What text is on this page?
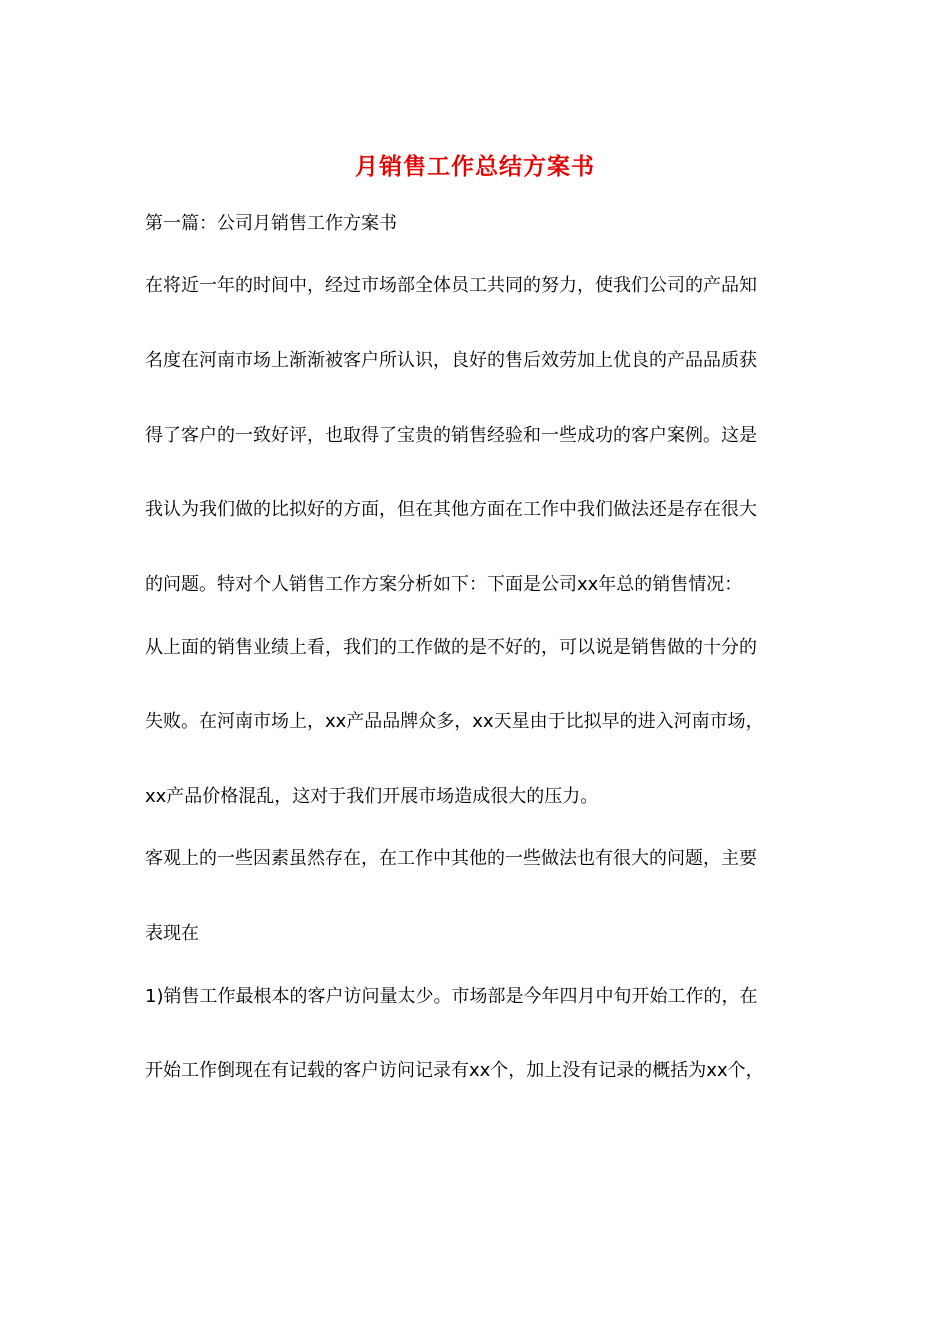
月销售工作总结方案书
第一篇：公司月销售工作方案书
在将近一年的时间中，经过市场部全体员工共同的努力，使我们公司的产品知
名度在河南市场上渐渐被客户所认识，良好的售后效劳加上优良的产品品质获
得了客户的一致好评，也取得了宝贵的销售经验和一些成功的客户案例。这是
我认为我们做的比拟好的方面，但在其他方面在工作中我们做法还是存在很大
的问题。特对个人销售工作方案分析如下：下面是公司xx年总的销售情况：
从上面的销售业绩上看，我们的工作做的是不好的，可以说是销售做的十分的
失败。在河南市场上，xx产品品牌众多，xx天星由于比拟早的进入河南市场，
xx产品价格混乱，这对于我们开展市场造成很大的压力。
客观上的一些因素虽然存在，在工作中其他的一些做法也有很大的问题，主要
表现在
1)销售工作最根本的客户访问量太少。市场部是今年四月中旬开始工作的，在
开始工作倒现在有记载的客户访问记录有xx个，加上没有记录的概括为xx个，
